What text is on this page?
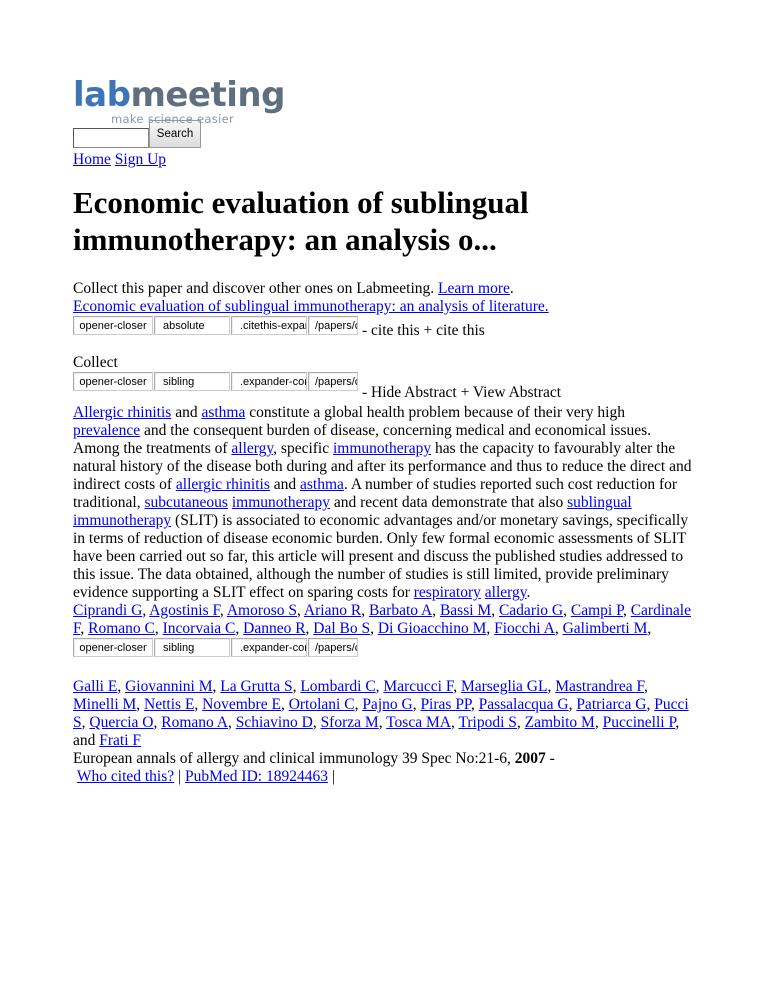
labmeeting
make science easier
Search
Home Sign Up
Economic evaluation of sublingual immunotherapy: an analysis o...

Collect this paper and discover other ones on Labmeeting. Learn more.

Economic evaluation of sublingual immunotherapy: an analysis of literature.

opener-closer
absolute
.citethis-expander
/papers/cite_this
- cite this + cite this

Collect

opener-closer
sibling
.expander-content
/papers/citation
- Hide Abstract + View Abstract

Allergic rhinitis and asthma constitute a global health problem because of their very high prevalence and the consequent burden of disease, concerning medical and economical issues. Among the treatments of allergy, specific immunotherapy has the capacity to favourably alter the natural history of the disease both during and after its performance and thus to reduce the direct and indirect costs of allergic rhinitis and asthma. A number of studies reported such cost reduction for traditional, subcutaneous immunotherapy and recent data demonstrate that also sublingual immunotherapy (SLIT) is associated to economic advantages and/or monetary savings, specifically in terms of reduction of disease economic burden. Only few formal economic assessments of SLIT have been carried out so far, this article will present and discuss the published studies addressed to this issue. The data obtained, although the number of studies is still limited, provide preliminary evidence supporting a SLIT effect on sparing costs for respiratory allergy.

Ciprandi G, Agostinis F, Amoroso S, Ariano R, Barbato A, Bassi M, Cadario G, Campi P, Cardinale F, Romano C, Incorvaia C, Danneo R, Dal Bo S, Di Gioacchino M, Fiocchi A, Galimberti M,

opener-closer
sibling
.expander-content
/papers/citation

Galli E, Giovannini M, La Grutta S, Lombardi C, Marcucci F, Marseglia GL, Mastrandrea F, Minelli M, Nettis E, Novembre E, Ortolani C, Pajno G, Piras PP, Passalacqua G, Patriarca G, Pucci S, Quercia O, Romano A, Schiavino D, Sforza M, Tosca MA, Tripodi S, Zambito M, Puccinelli P, and Frati F

European annals of allergy and clinical immunology 39 Spec No:21-6, 2007 -

Who cited this? | PubMed ID: 18924463 |
